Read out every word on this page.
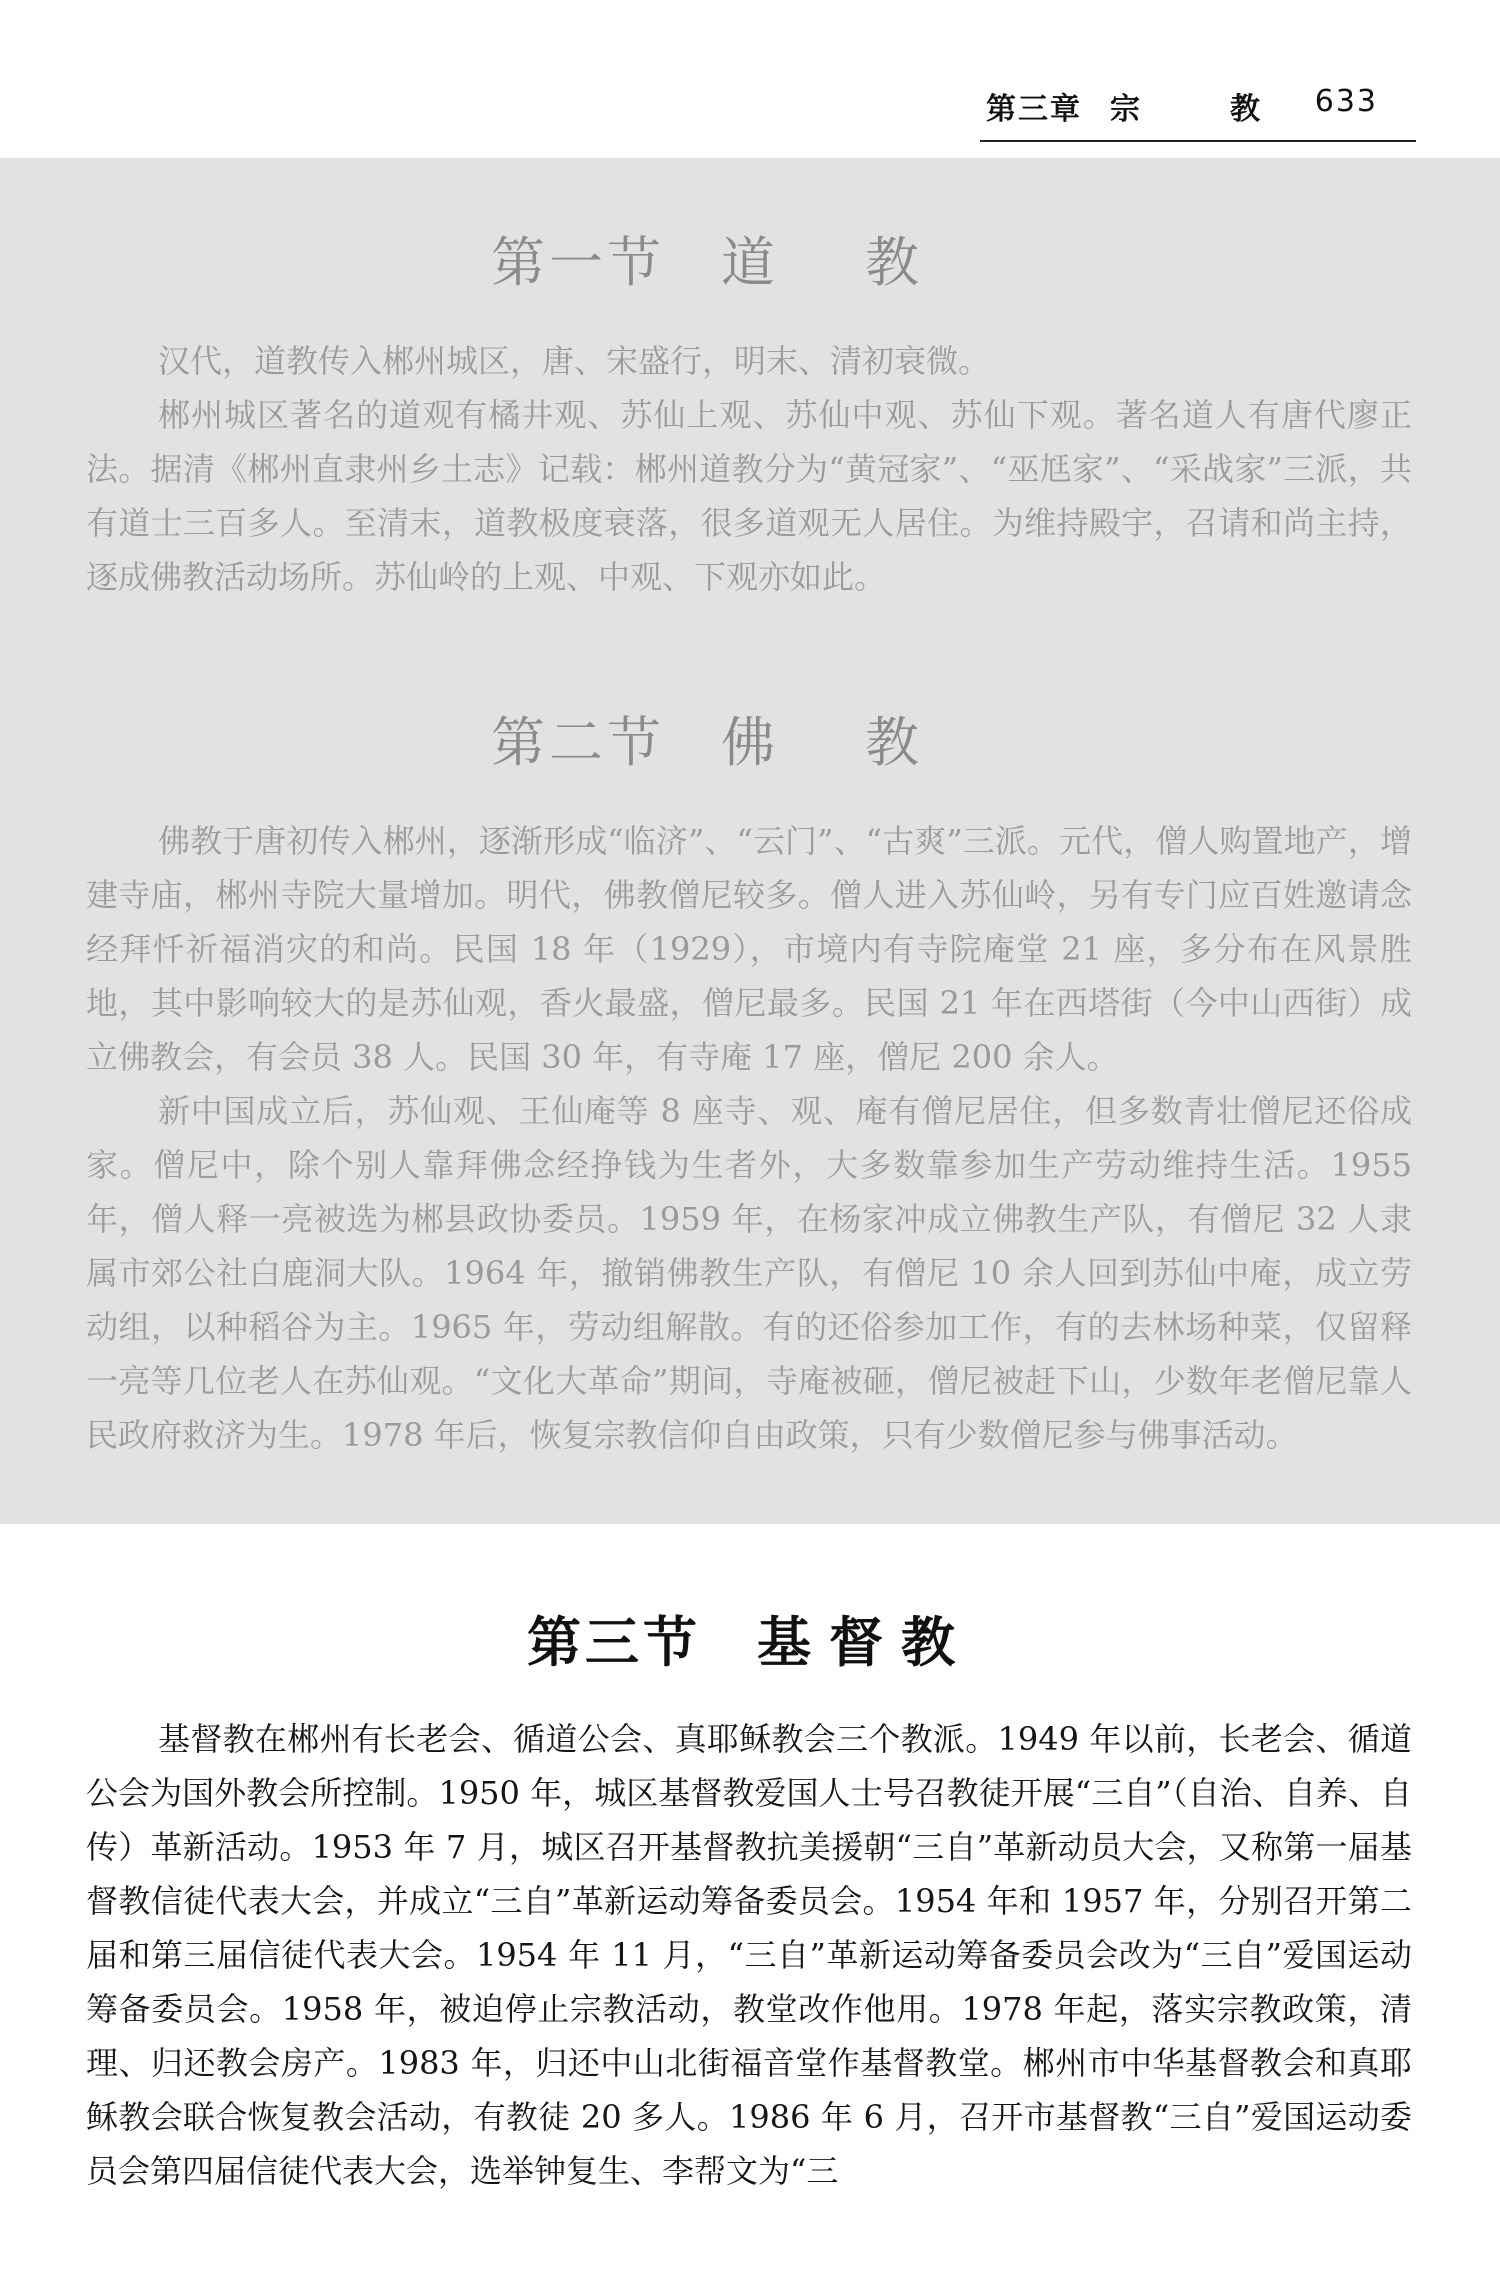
第三章 宗	教 633
第一节 道教

汉代，道教传入郴州城区，唐、宋盛行，明末、清初衰微。

郴州城区著名的道观有橘井观、苏仙上观、苏仙中观、苏仙下观。著名道人有唐代廖正法。据清《郴州直隶州乡土志》记载：郴州道教分为“黄冠家”、“巫尪家”、“采战家”三派，共有道士三百多人。至清末，道教极度衰落，很多道观无人居住。为维持殿宇，召请和尚主持，逐成佛教活动场所。苏仙岭的上观、中观、下观亦如此。

第二节 佛教

佛教于唐初传入郴州，逐渐形成“临济”、“云门”、“古爽”三派。元代，僧人购置地产，增建寺庙，郴州寺院大量增加。明代，佛教僧尼较多。僧人进入苏仙岭，另有专门应百姓邀请念经拜忏祈福消灾的和尚。民国 18 年（1929），市境内有寺院庵堂 21 座，多分布在风景胜地，其中影响较大的是苏仙观，香火最盛，僧尼最多。民国 21 年在西塔街（今中山西街）成立佛教会，有会员 38 人。民国 30 年，有寺庵 17 座，僧尼 200 余人。

新中国成立后，苏仙观、王仙庵等 8 座寺、观、庵有僧尼居住，但多数青壮僧尼还俗成家。僧尼中，除个别人靠拜佛念经挣钱为生者外，大多数靠参加生产劳动维持生活。1955 年，僧人释一亮被选为郴县政协委员。1959 年，在杨家冲成立佛教生产队，有僧尼 32 人隶属市郊公社白鹿洞大队。1964 年，撤销佛教生产队，有僧尼 10 余人回到苏仙中庵，成立劳动组，以种稻谷为主。1965 年，劳动组解散。有的还俗参加工作，有的去林场种菜，仅留释一亮等几位老人在苏仙观。“文化大革命”期间，寺庵被砸，僧尼被赶下山，少数年老僧尼靠人民政府救济为生。1978 年后，恢复宗教信仰自由政策，只有少数僧尼参与佛事活动。

第三节 基督教

基督教在郴州有长老会、循道公会、真耶稣教会三个教派。1949 年以前，长老会、循道公会为国外教会所控制。1950 年，城区基督教爱国人士号召教徒开展“三自”（自治、自养、自传）革新活动。1953 年 7 月，城区召开基督教抗美援朝“三自”革新动员大会，又称第一届基督教信徒代表大会，并成立“三自”革新运动筹备委员会。1954 年和 1957 年，分别召开第二届和第三届信徒代表大会。1954 年 11 月，“三自”革新运动筹备委员会改为“三自”爱国运动筹备委员会。1958 年，被迫停止宗教活动，教堂改作他用。1978 年起，落实宗教政策，清理、归还教会房产。1983 年，归还中山北街福音堂作基督教堂。郴州市中华基督教会和真耶稣教会联合恢复教会活动，有教徒 20 多人。1986 年 6 月，召开市基督教“三自”爱国运动委员会第四届信徒代表大会，选举钟复生、李帮文为“三
